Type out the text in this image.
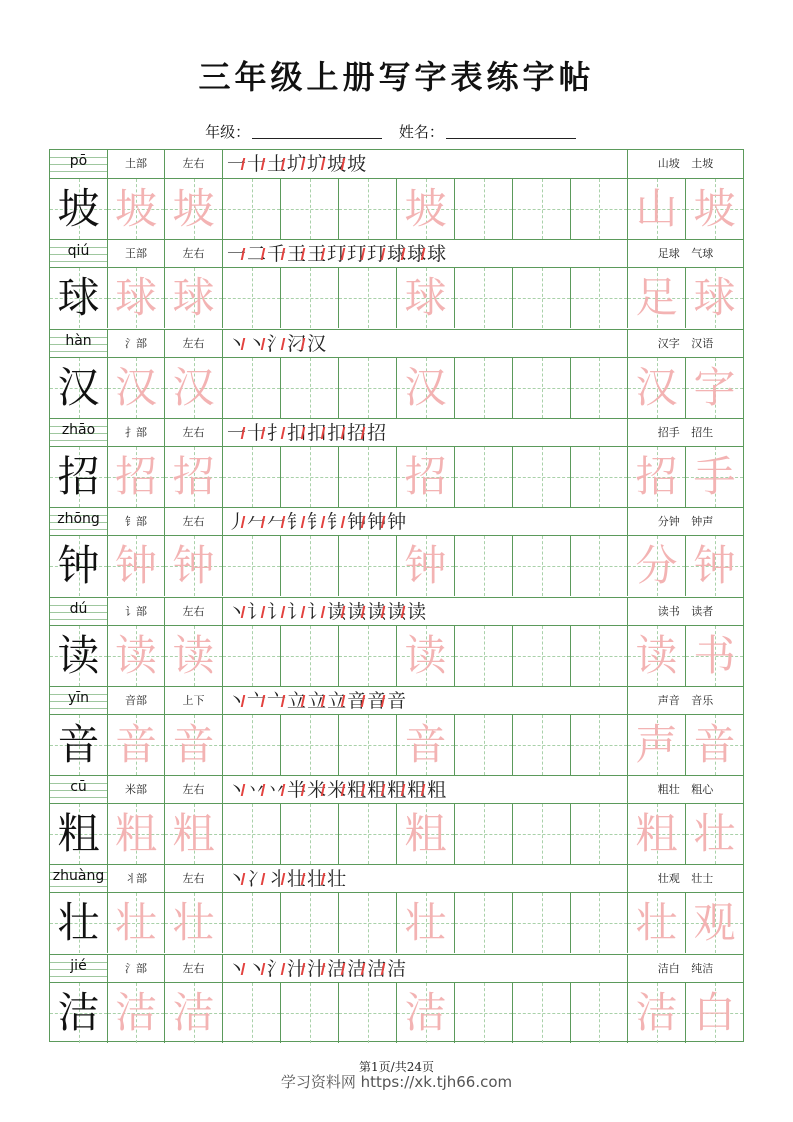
三年级上册写字表练字帖
年级：	姓名：
pō	土部	左右	一十土圹圹坡坡	山坡 土坡
坡 坡 坡	坡	山 坡
qiú	王部	左右	一二千王王玎玎玎球球球	足球 气球
球 球 球	球	足 球
hàn	氵部	左右	丶丶氵汈汉	汉字 汉语
汉 汉 汉	汉	汉 字
zhāo	扌部	左右	一十扌扣扣扣招招	招手 招生
招 招 招	招	招 手
zhōng	钅部	左右	丿𠂉𠂉钅钅钅钟钟钟	分钟 钟声
钟 钟 钟	钟	分 钟
dú	讠部	左右	丶讠讠讠讠读读读读读	读书 读者
读 读 读	读	读 书
yīn	音部	上下	丶亠亠立立立音音音	声音 音乐
音 音 音	音	声 音
cū	米部	左右	丶丷丷半米米粗粗粗粗粗	粗壮 粗心
粗 粗 粗	粗	粗 壮
zhuàng	丬部	左右	丶冫丬壮壮壮	壮观 壮士
壮 壮 壮	壮	壮 观
jié	氵部	左右	丶丶氵汁汁洁洁洁洁	洁白 纯洁
洁 洁 洁	洁	洁 白
第1页/共24页
学习资料网 https://xk.tjh66.com
